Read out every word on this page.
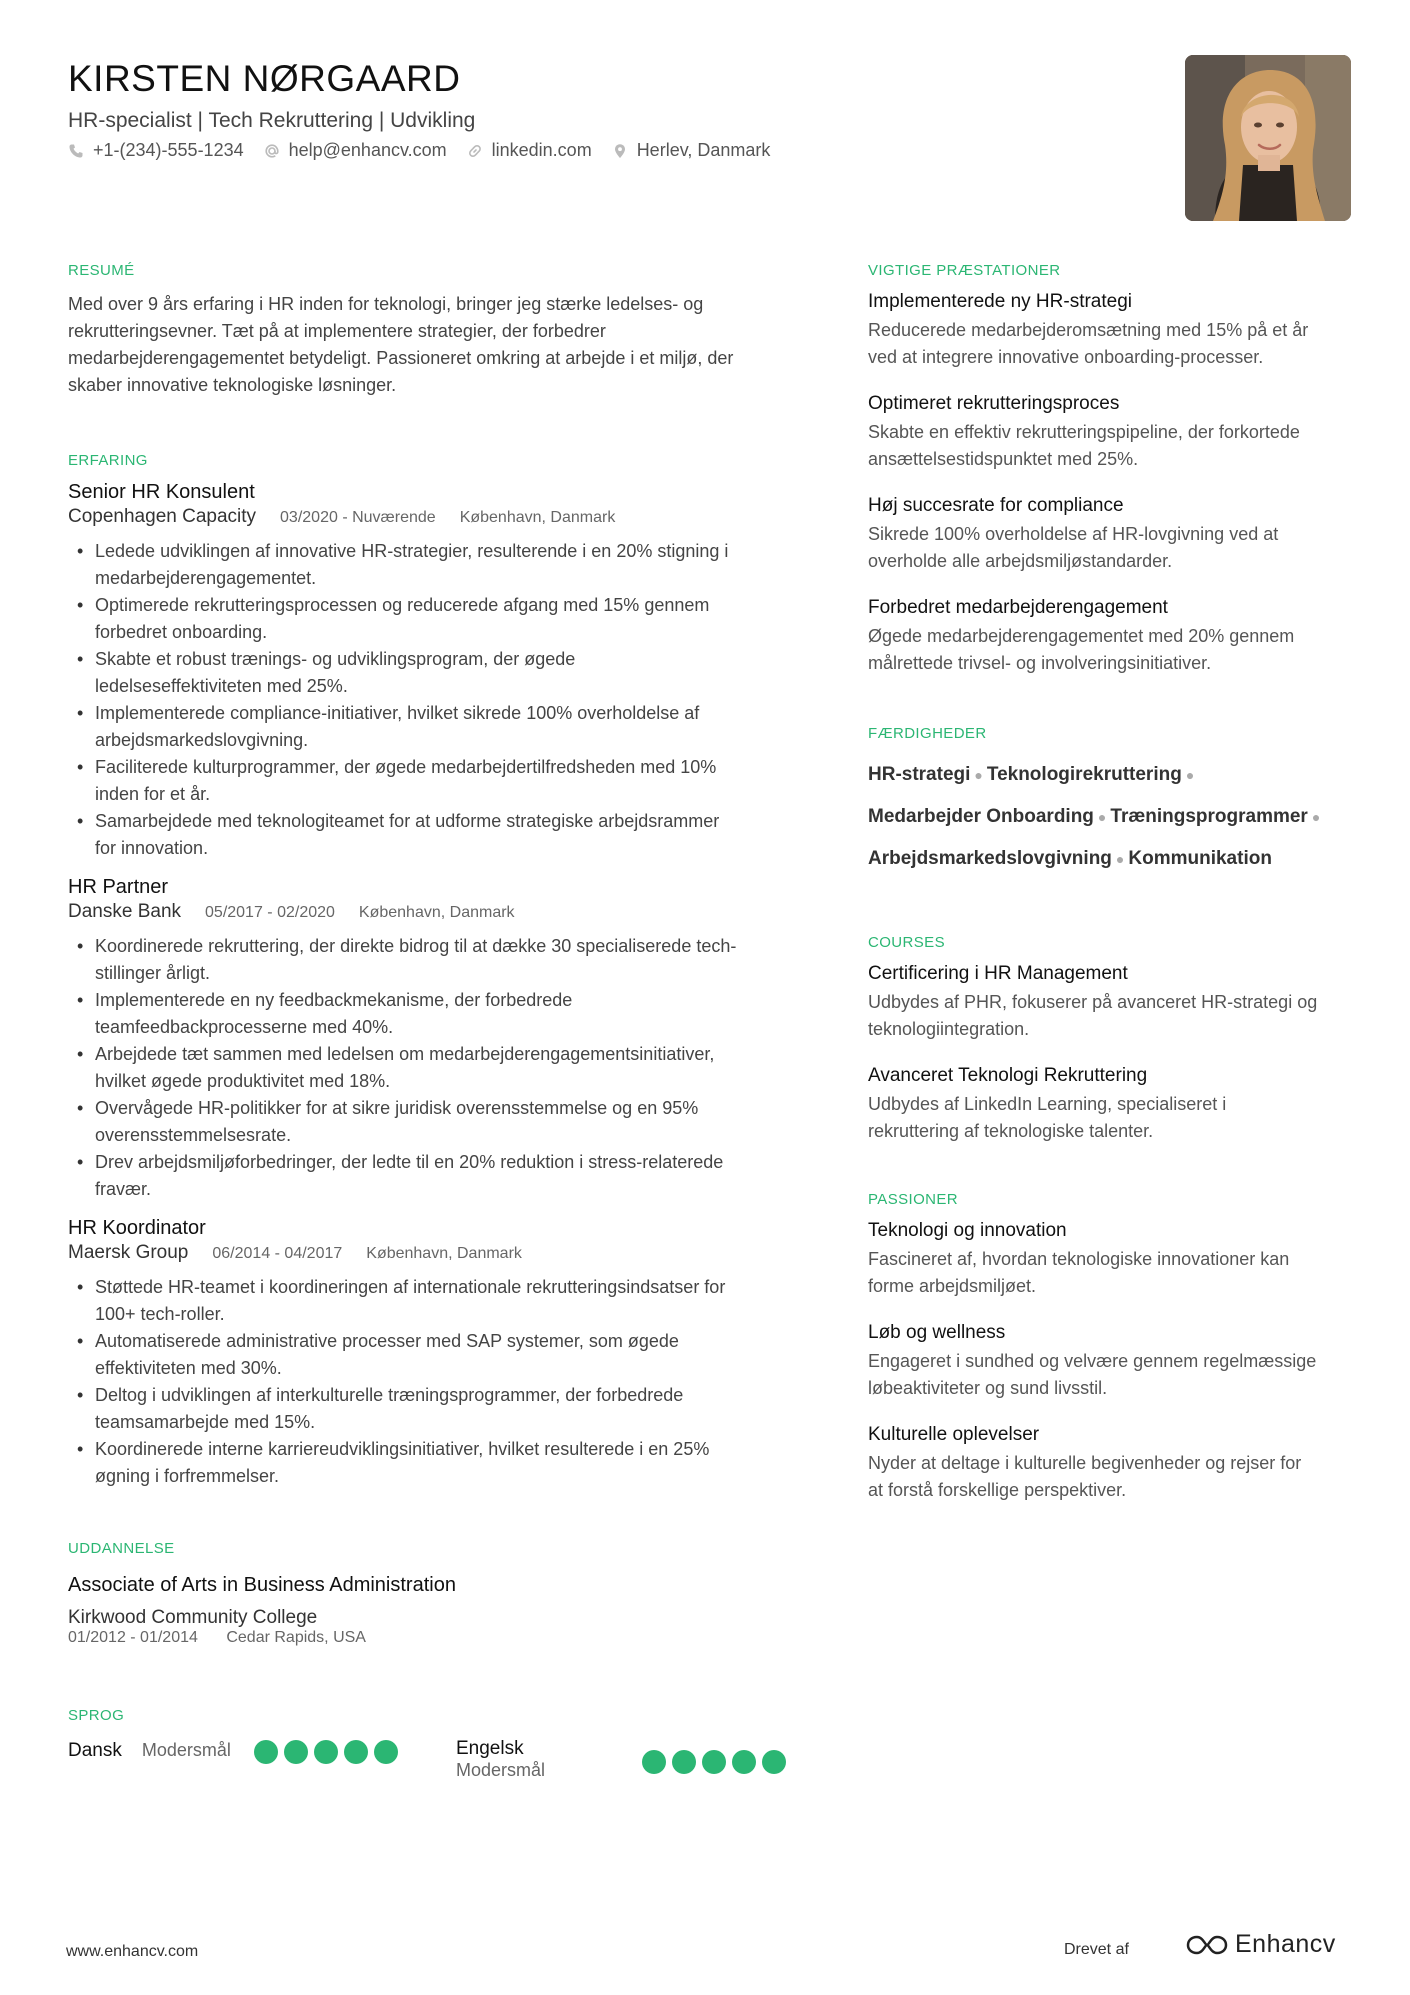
KIRSTEN NØRGAARD
HR-specialist | Tech Rekruttering | Udvikling
+1-(234)-555-1234	help@enhancv.com	linkedin.com	Herlev, Danmark
RESUMÉ
Med over 9 års erfaring i HR inden for teknologi, bringer jeg stærke ledelses- og
rekrutteringsevner. Tæt på at implementere strategier, der forbedrer
medarbejderengagementet betydeligt. Passioneret omkring at arbejde i et miljø, der
skaber innovative teknologiske løsninger.
ERFARING
Senior HR Konsulent
Copenhagen Capacity 03/2020 - Nuværende København, Danmark
• Ledede udviklingen af innovative HR-strategier, resulterende i en 20% stigning i
medarbejderengagementet.
• Optimerede rekrutteringsprocessen og reducerede afgang med 15% gennem
forbedret onboarding.
• Skabte et robust trænings- og udviklingsprogram, der øgede
ledelseseffektiviteten med 25%.
• Implementerede compliance-initiativer, hvilket sikrede 100% overholdelse af
arbejdsmarkedslovgivning.
• Faciliterede kulturprogrammer, der øgede medarbejdertilfredsheden med 10%
inden for et år.
• Samarbejdede med teknologiteamet for at udforme strategiske arbejdsrammer
for innovation.
HR Partner
Danske Bank 05/2017 - 02/2020 København, Danmark
• Koordinerede rekruttering, der direkte bidrog til at dække 30 specialiserede tech-
stillinger årligt.
• Implementerede en ny feedbackmekanisme, der forbedrede
teamfeedbackprocesserne med 40%.
• Arbejdede tæt sammen med ledelsen om medarbejderengagementsinitiativer,
hvilket øgede produktivitet med 18%.
• Overvågede HR-politikker for at sikre juridisk overensstemmelse og en 95%
overensstemmelsesrate.
• Drev arbejdsmiljøforbedringer, der ledte til en 20% reduktion i stress-relaterede
fravær.
HR Koordinator
Maersk Group 06/2014 - 04/2017 København, Danmark
• Støttede HR-teamet i koordineringen af internationale rekrutteringsindsatser for
100+ tech-roller.
• Automatiserede administrative processer med SAP systemer, som øgede
effektiviteten med 30%.
• Deltog i udviklingen af interkulturelle træningsprogrammer, der forbedrede
teamsamarbejde med 15%.
• Koordinerede interne karriereudviklingsinitiativer, hvilket resulterede i en 25%
øgning i forfremmelser.
UDDANNELSE
Associate of Arts in Business Administration
Kirkwood Community College
01/2012 - 01/2014 Cedar Rapids, USA
SPROG
Dansk Modersmål	Engelsk
Modersmål
VIGTIGE PRÆSTATIONER
Implementerede ny HR-strategi
Reducerede medarbejderomsætning med 15% på et år
ved at integrere innovative onboarding-processer.
Optimeret rekrutteringsproces
Skabte en effektiv rekrutteringspipeline, der forkortede
ansættelsestidspunktet med 25%.
Høj succesrate for compliance
Sikrede 100% overholdelse af HR-lovgivning ved at
overholde alle arbejdsmiljøstandarder.
Forbedret medarbejderengagement
Øgede medarbejderengagementet med 20% gennem
målrettede trivsel- og involveringsinitiativer.
FÆRDIGHEDER
HR-strategi ● Teknologirekruttering ●
Medarbejder Onboarding ● Træningsprogrammer ●
Arbejdsmarkedslovgivning ● Kommunikation
COURSES
Certificering i HR Management
Udbydes af PHR, fokuserer på avanceret HR-strategi og
teknologiintegration.
Avanceret Teknologi Rekruttering
Udbydes af LinkedIn Learning, specialiseret i
rekruttering af teknologiske talenter.
PASSIONER
Teknologi og innovation
Fascineret af, hvordan teknologiske innovationer kan
forme arbejdsmiljøet.
Løb og wellness
Engageret i sundhed og velvære gennem regelmæssige
løbeaktiviteter og sund livsstil.
Kulturelle oplevelser
Nyder at deltage i kulturelle begivenheder og rejser for
at forstå forskellige perspektiver.
www.enhancv.com	Drevet af	Enhancv
